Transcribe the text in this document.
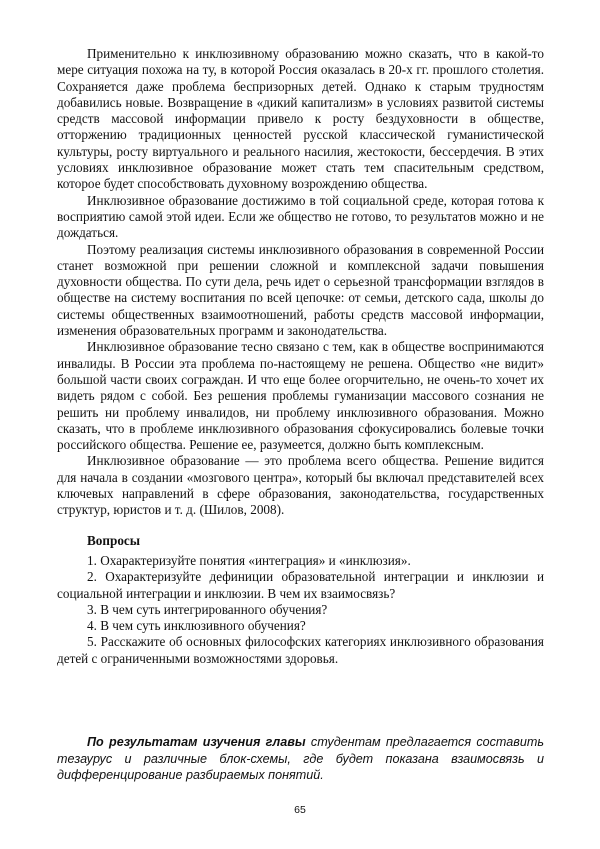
Применительно к инклюзивному образованию можно сказать, что в какой-то мере ситуация похожа на ту, в которой Россия оказалась в 20-х гг. прошлого столетия. Сохраняется даже проблема беспризорных детей. Однако к старым трудностям добавились новые. Возвращение в «дикий капитализм» в условиях развитой системы средств массовой информации привело к росту бездуховности в обществе, отторжению традиционных ценностей русской классической гуманистической культуры, росту виртуального и реального насилия, жестокости, бессердечия. В этих условиях инклюзивное образование может стать тем спасительным средством, которое будет способствовать духовному возрождению общества.

Инклюзивное образование достижимо в той социальной среде, которая готова к восприятию самой этой идеи. Если же общество не готово, то результатов можно и не дождаться.

Поэтому реализация системы инклюзивного образования в современной России станет возможной при решении сложной и комплексной задачи повышения духовности общества. По сути дела, речь идет о серьезной трансформации взглядов в обществе на систему воспитания по всей цепочке: от семьи, детского сада, школы до системы общественных взаимоотношений, работы средств массовой информации, изменения образовательных программ и законодательства.

Инклюзивное образование тесно связано с тем, как в обществе воспринимаются инвалиды. В России эта проблема по-настоящему не решена. Общество «не видит» большой части своих сограждан. И что еще более огорчительно, не очень-то хочет их видеть рядом с собой. Без решения проблемы гуманизации массового сознания не решить ни проблему инвалидов, ни проблему инклюзивного образования. Можно сказать, что в проблеме инклюзивного образования сфокусировались болевые точки российского общества. Решение ее, разумеется, должно быть комплексным.

Инклюзивное образование — это проблема всего общества. Решение видится для начала в создании «мозгового центра», который бы включал представителей всех ключевых направлений в сфере образования, законодательства, государственных структур, юристов и т. д. (Шилов, 2008).

Вопросы

1. Охарактеризуйте понятия «интеграция» и «инклюзия».

2. Охарактеризуйте дефиниции образовательной интеграции и инклюзии и социальной интеграции и инклюзии. В чем их взаимосвязь?

3. В чем суть интегрированного обучения?

4. В чем суть инклюзивного обучения?

5. Расскажите об основных философских категориях инклюзивного образования детей с ограниченными возможностями здоровья.

По результатам изучения главы студентам предлагается составить тезаурус и различные блок-схемы, где будет показана взаимосвязь и дифференцирование разбираемых понятий.

65
